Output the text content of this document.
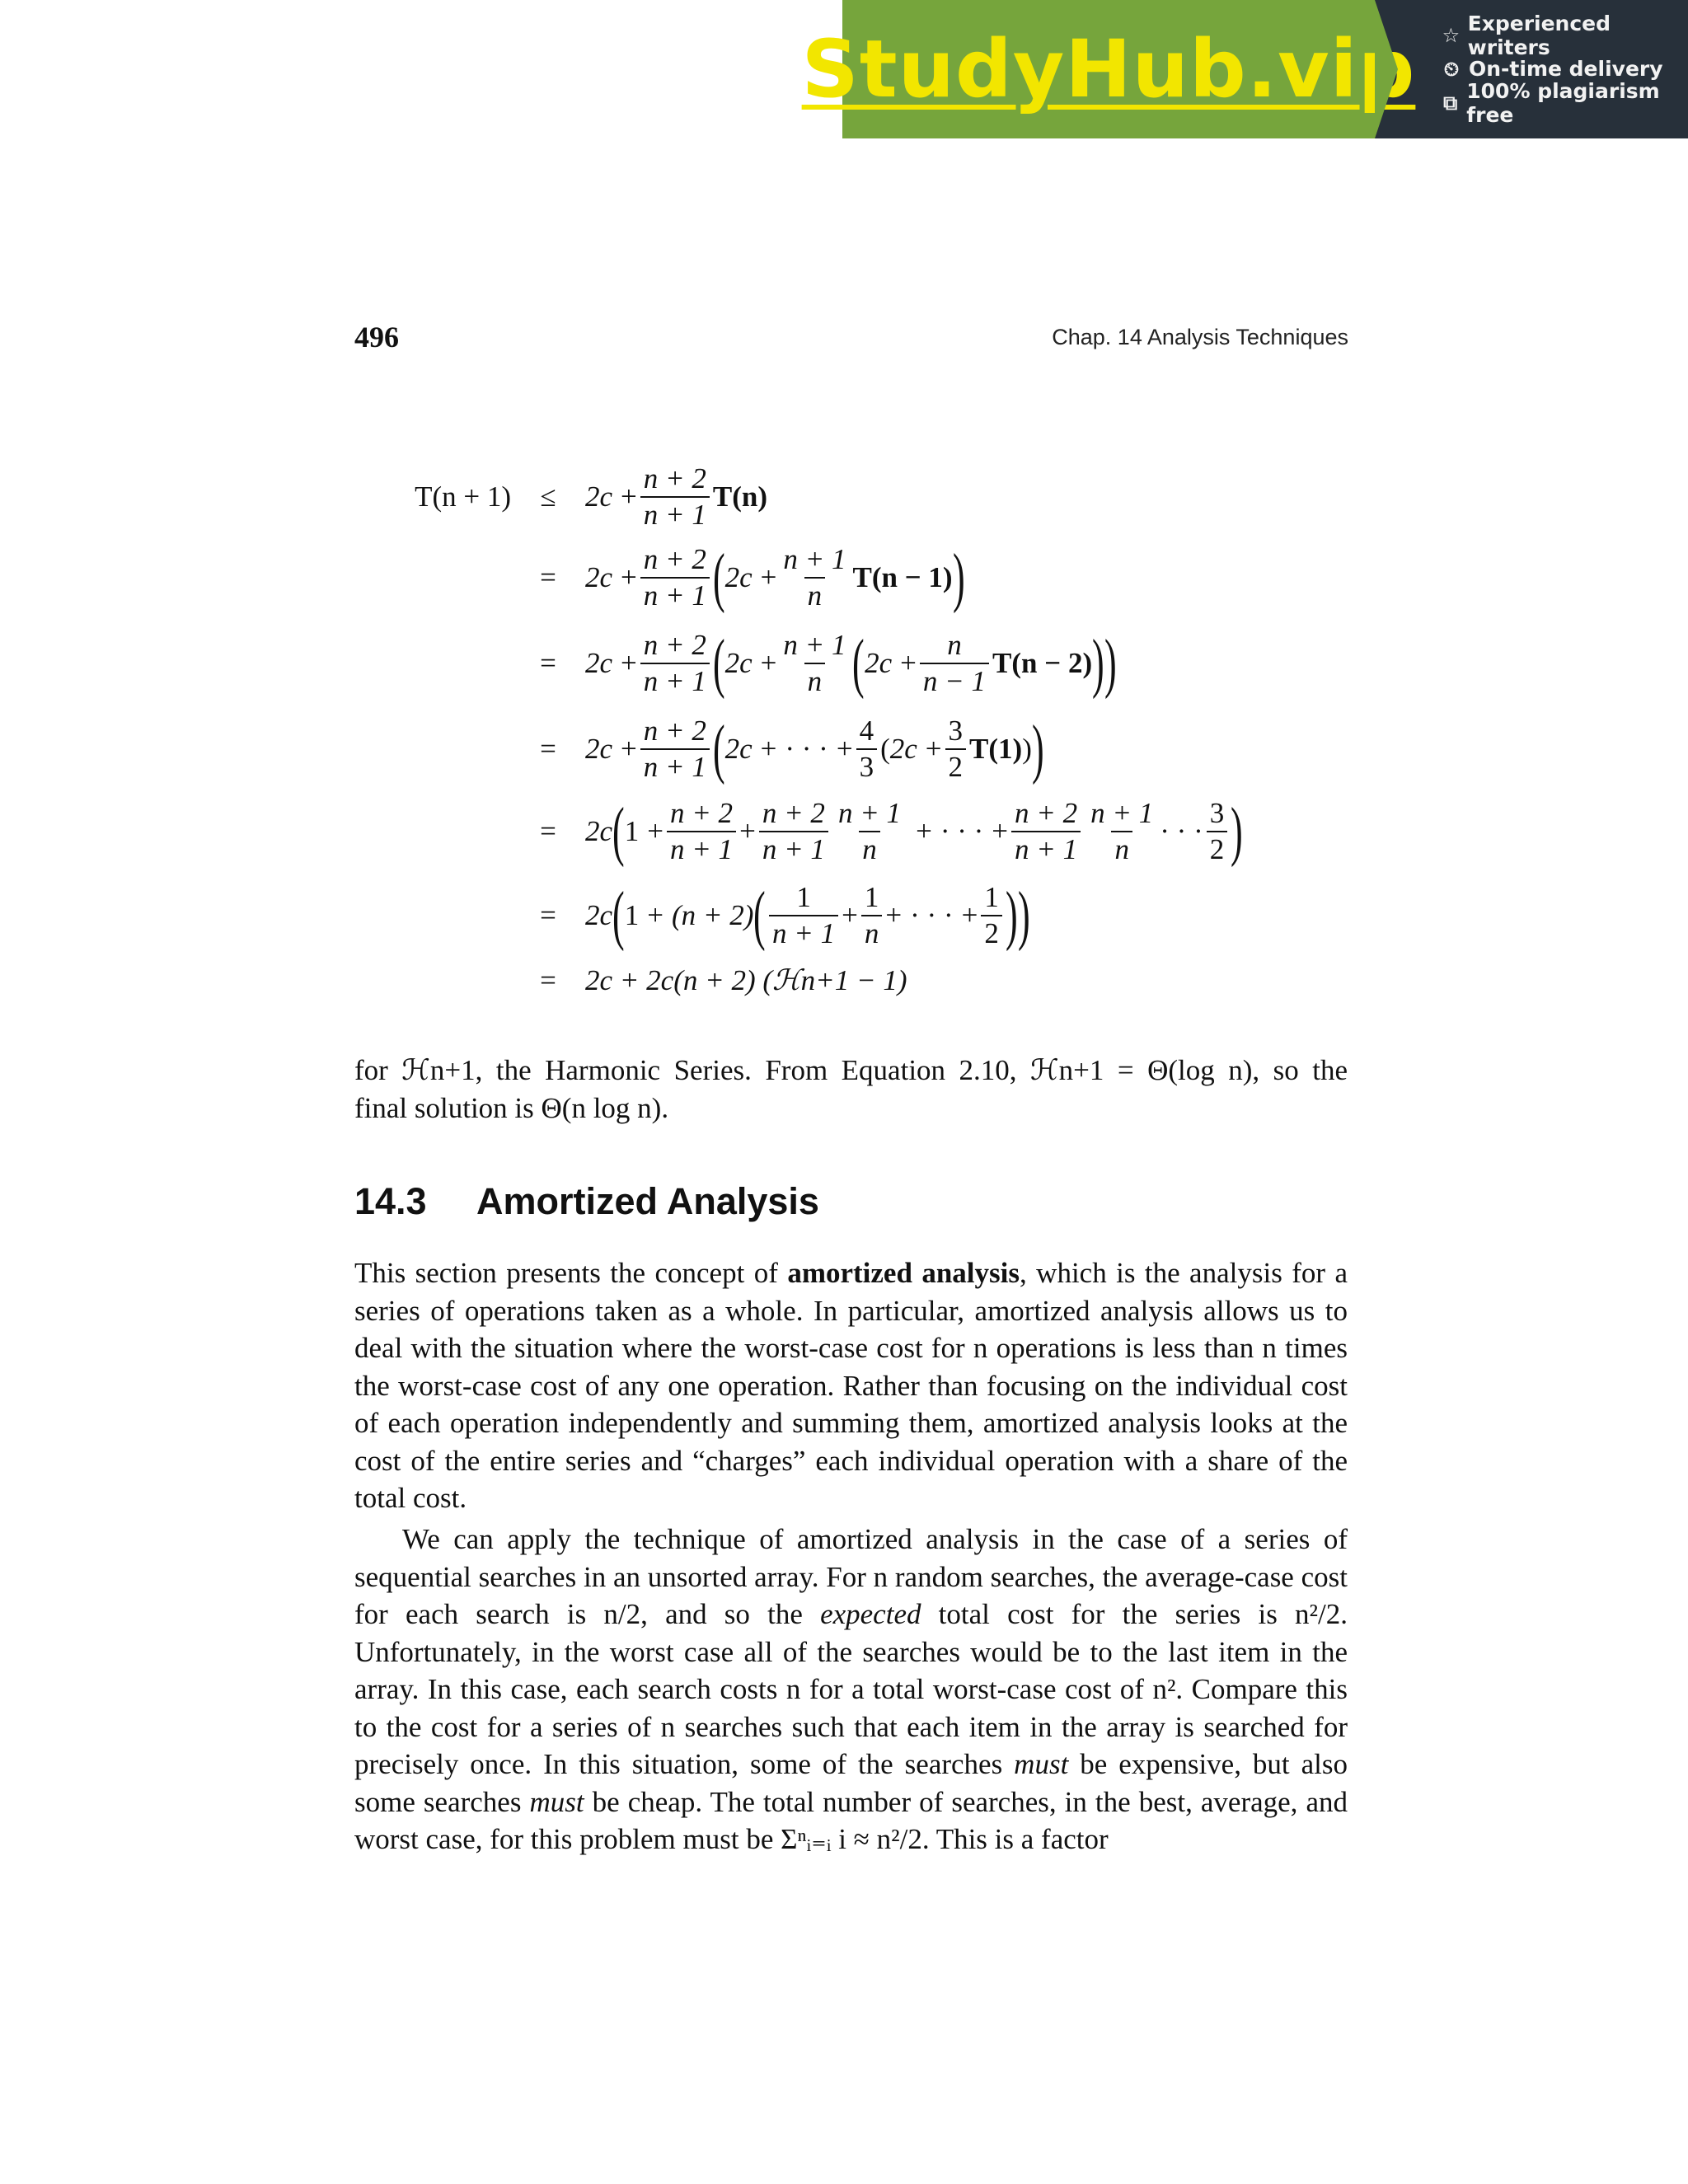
StudyHub.vip ☆ Experienced writers
⏲ On-time delivery
⧉ 100% plagiarism free
496	Chap. 14 Analysis Techniques
T(n + 1)	≤	$2c + \frac{n + 2}{n + 1} T(n)$
=	$2c + \frac{n + 2}{n + 1}$ ( $2c + \frac{n + 1}{n} T(n - 1)$ )
=	$2c + \frac{n + 2}{n + 1}$ ( $2c + \frac{n + 1}{n}$ ( $2c + \frac{n}{n - 1} T(n - 2)$ ) )
=	$2c + \frac{n + 2}{n + 1}$ ( 2c + · · · + $\frac{4}{3}$ ( $2c + \frac{3}{2} T(1)$ ) )
=	2c ( $1 + \frac{n + 2}{n + 1} + \frac{n + 2}{n + 1} \frac{n + 1}{n}$ + · · · + $\frac{n + 2}{n + 1} \frac{n + 1}{n}$ · · · $\frac{3}{2}$ )
=	2c ( 1 + (n + 2) ( $\frac{1}{n + 1} + \frac{1}{n}$ + · · · + $\frac{1}{2}$ ) )
=	2c + 2c(n + 2) (ℋn+1 − 1)
for ℋn+1, the Harmonic Series. From Equation 2.10, ℋn+1 = Θ(log n), so the
final solution is Θ(n log n).
14.3 Amortized Analysis
This section presents the concept of amortized analysis, which is the analysis for a series of operations taken as a whole. In particular, amortized analysis allows us to deal with the situation where the worst-case cost for n operations is less than n times the worst-case cost of any one operation. Rather than focusing on the individual cost of each operation independently and summing them, amortized analysis looks at the cost of the entire series and “charges” each individual operation with a share of the total cost.
We can apply the technique of amortized analysis in the case of a series of sequential searches in an unsorted array. For n random searches, the average-case cost for each search is n/2, and so the expected total cost for the series is n²/2. Unfortunately, in the worst case all of the searches would be to the last item in the array. In this case, each search costs n for a total worst-case cost of n². Compare this to the cost for a series of n searches such that each item in the array is searched for precisely once. In this situation, some of the searches must be expensive, but also some searches must be cheap. The total number of searches, in the best, average, and worst case, for this problem must be Σⁿᵢ₌ᵢ i ≈ n²/2. This is a factor
